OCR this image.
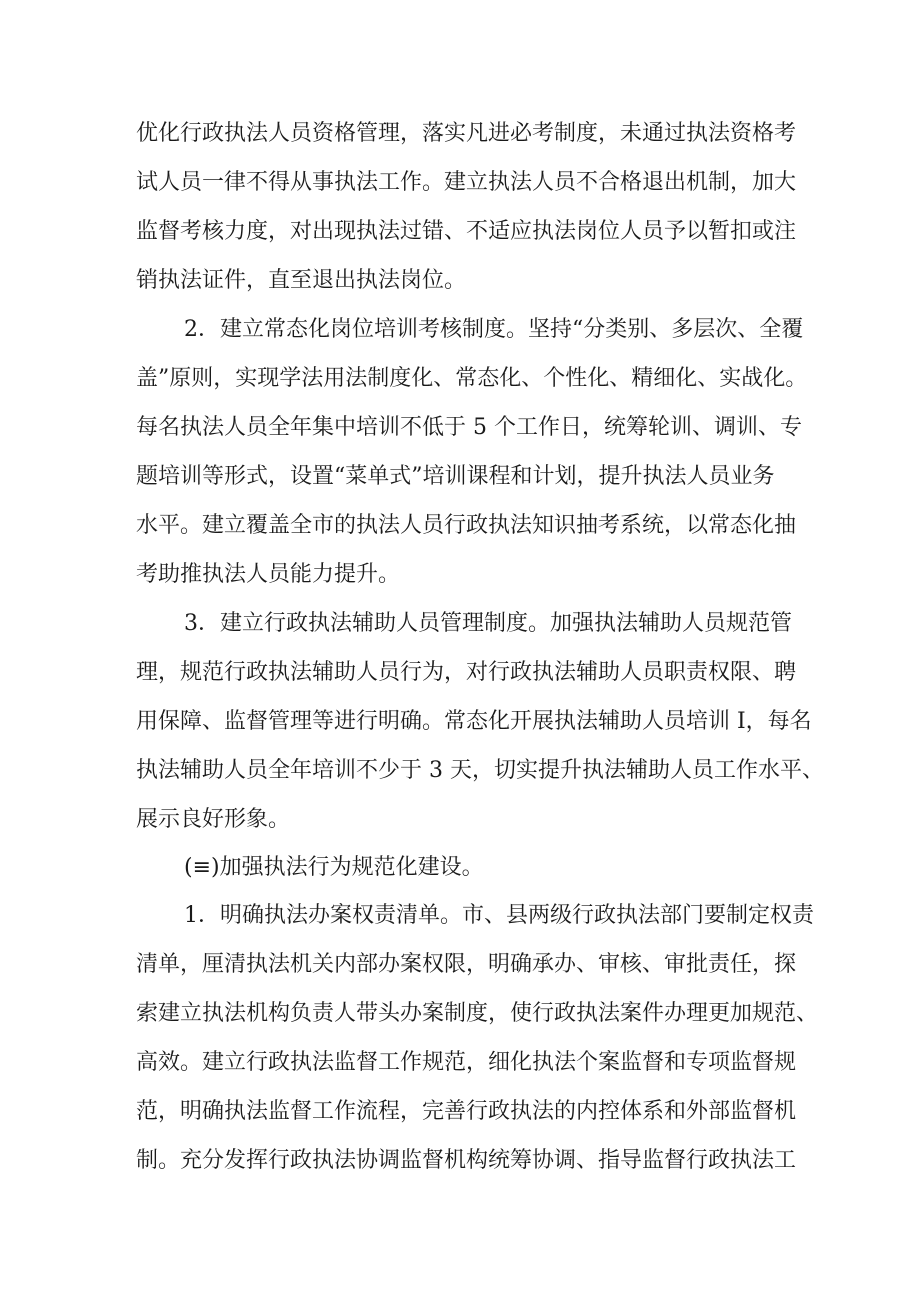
优化行政执法人员资格管理，落实凡进必考制度，未通过执法资格考
试人员一律不得从事执法工作。建立执法人员不合格退出机制，加大
监督考核力度，对出现执法过错、不适应执法岗位人员予以暂扣或注
销执法证件，直至退出执法岗位。
2．建立常态化岗位培训考核制度。坚持“分类别、多层次、全覆
盖”原则，实现学法用法制度化、常态化、个性化、精细化、实战化。
每名执法人员全年集中培训不低于 5 个工作日，统筹轮训、调训、专
题培训等形式，设置“菜单式”培训课程和计划，提升执法人员业务
水平。建立覆盖全市的执法人员行政执法知识抽考系统，以常态化抽
考助推执法人员能力提升。
3．建立行政执法辅助人员管理制度。加强执法辅助人员规范管
理，规范行政执法辅助人员行为，对行政执法辅助人员职责权限、聘
用保障、监督管理等进行明确。常态化开展执法辅助人员培训 I，每名
执法辅助人员全年培训不少于 3 天，切实提升执法辅助人员工作水平、
展示良好形象。
(≡)加强执法行为规范化建设。
1．明确执法办案权责清单。市、县两级行政执法部门要制定权责
清单，厘清执法机关内部办案权限，明确承办、审核、审批责任，探
索建立执法机构负责人带头办案制度，使行政执法案件办理更加规范、
高效。建立行政执法监督工作规范，细化执法个案监督和专项监督规
范，明确执法监督工作流程，完善行政执法的内控体系和外部监督机
制。充分发挥行政执法协调监督机构统筹协调、指导监督行政执法工
